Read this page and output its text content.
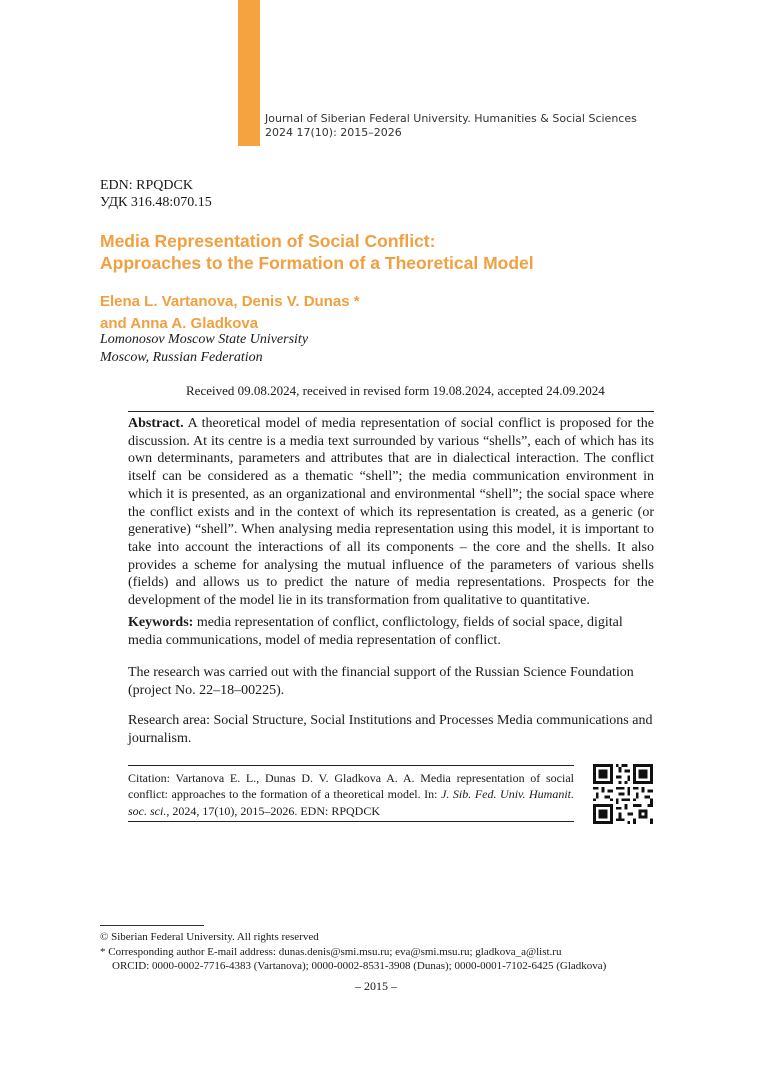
Journal of Siberian Federal University. Humanities & Social Sciences
2024 17(10): 2015–2026
EDN: RPQDCK
УДК 316.48:070.15
Media Representation of Social Conflict:
Approaches to the Formation of a Theoretical Model
Elena L. Vartanova, Denis V. Dunas *
and Anna A. Gladkova
Lomonosov Moscow State University
Moscow, Russian Federation
Received 09.08.2024, received in revised form 19.08.2024, accepted 24.09.2024
Abstract. A theoretical model of media representation of social conflict is proposed for the discussion. At its centre is a media text surrounded by various “shells”, each of which has its own determinants, parameters and attributes that are in dialectical interaction. The conflict itself can be considered as a thematic “shell”; the media communication environment in which it is presented, as an organizational and environmental “shell”; the social space where the conflict exists and in the context of which its representation is created, as a generic (or generative) “shell”. When analysing media representation using this model, it is important to take into account the interactions of all its components – the core and the shells. It also provides a scheme for analysing the mutual influence of the parameters of various shells (fields) and allows us to predict the nature of media representations. Prospects for the development of the model lie in its transformation from qualitative to quantitative.
Keywords: media representation of conflict, conflictology, fields of social space, digital media communications, model of media representation of conflict.
The research was carried out with the financial support of the Russian Science Foundation (project No. 22–18–00225).
Research area: Social Structure, Social Institutions and Processes Media communications and journalism.
Citation: Vartanova E. L., Dunas D. V. Gladkova A. A. Media representation of social conflict: approaches to the formation of a theoretical model. In: J. Sib. Fed. Univ. Humanit. soc. sci., 2024, 17(10), 2015–2026. EDN: RPQDCK
© Siberian Federal University. All rights reserved
* Corresponding author E-mail address: dunas.denis@smi.msu.ru; eva@smi.msu.ru; gladkova_a@list.ru
ORCID: 0000-0002-7716-4383 (Vartanova); 0000-0002-8531-3908 (Dunas); 0000-0001-7102-6425 (Gladkova)
– 2015 –
